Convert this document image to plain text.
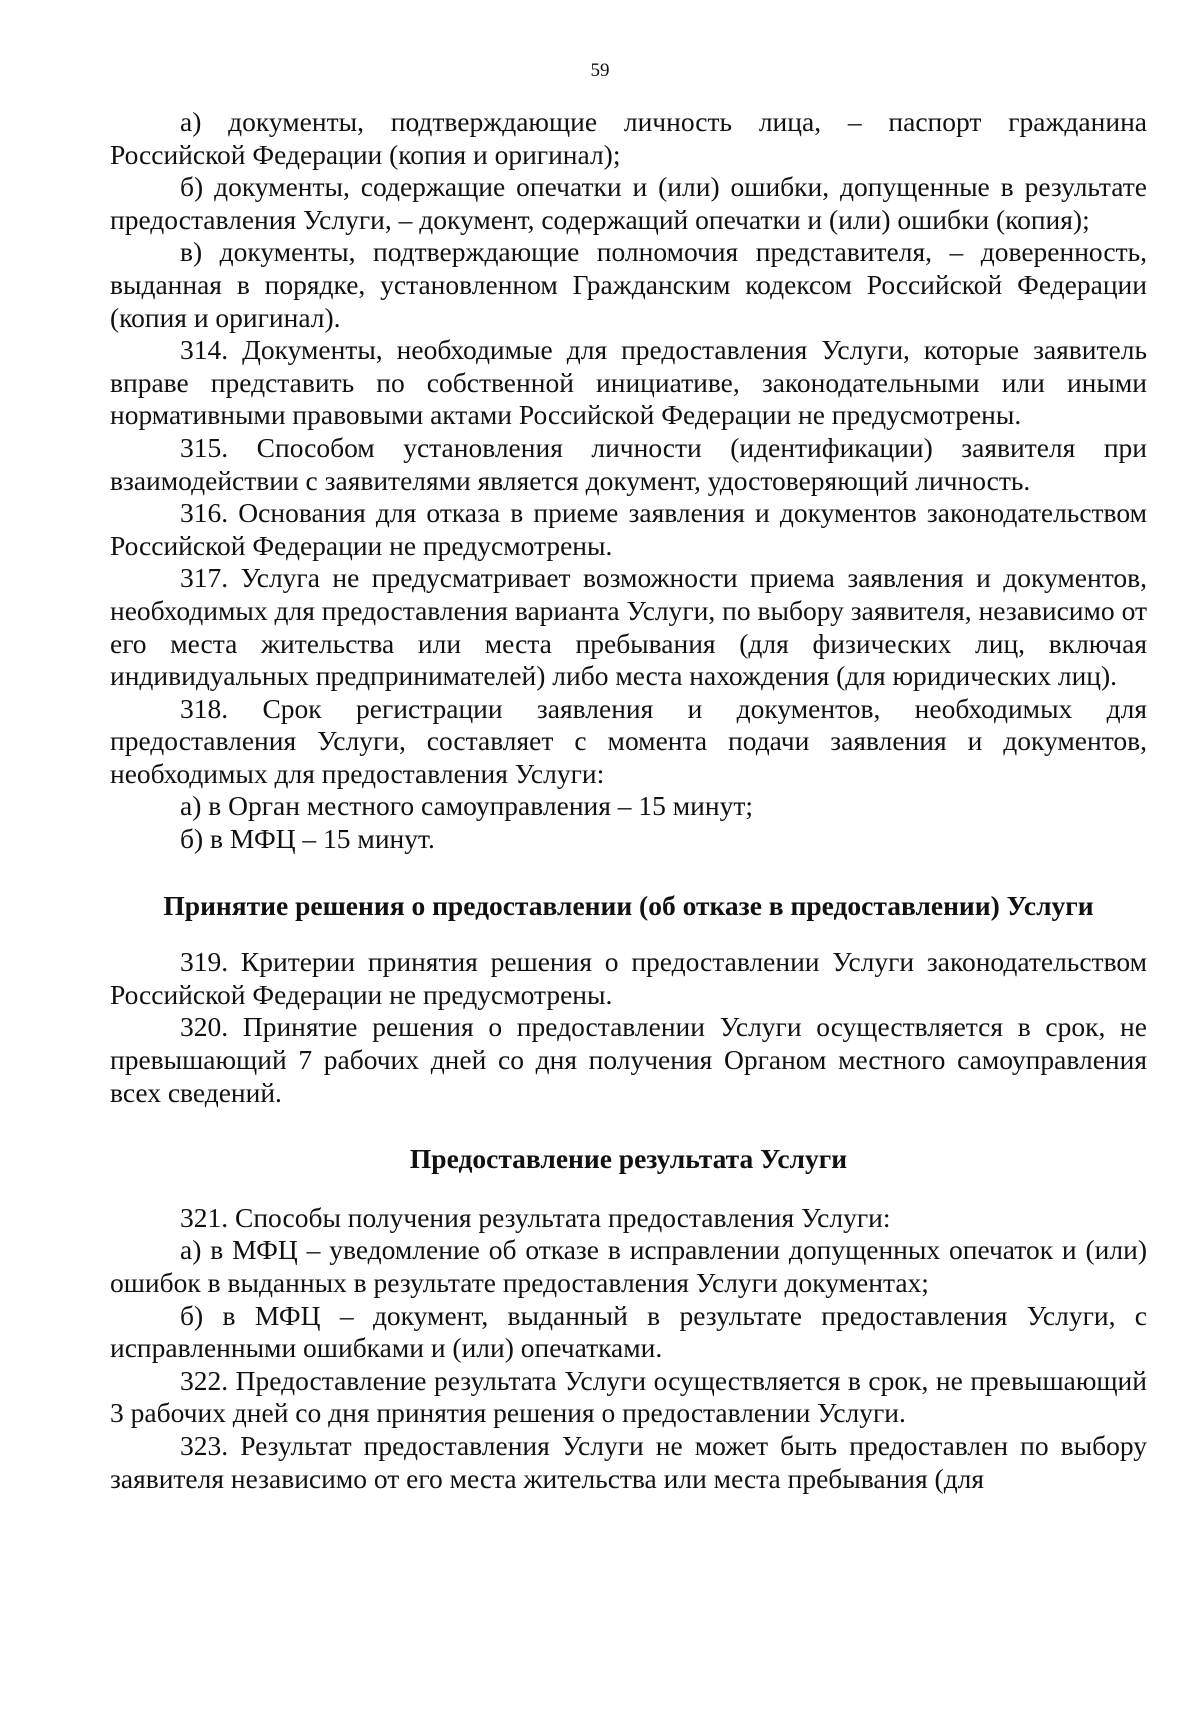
59

а) документы, подтверждающие личность лица, – паспорт гражданина Российской Федерации (копия и оригинал);

б) документы, содержащие опечатки и (или) ошибки, допущенные в результате предоставления Услуги, – документ, содержащий опечатки и (или) ошибки (копия);

в) документы, подтверждающие полномочия представителя, – доверенность, выданная в порядке, установленном Гражданским кодексом Российской Федерации (копия и оригинал).

314. Документы, необходимые для предоставления Услуги, которые заявитель вправе представить по собственной инициативе, законодательными или иными нормативными правовыми актами Российской Федерации не предусмотрены.

315. Способом установления личности (идентификации) заявителя при взаимодействии с заявителями является документ, удостоверяющий личность.

316. Основания для отказа в приеме заявления и документов законодательством Российской Федерации не предусмотрены.

317. Услуга не предусматривает возможности приема заявления и документов, необходимых для предоставления варианта Услуги, по выбору заявителя, независимо от его места жительства или места пребывания (для физических лиц, включая индивидуальных предпринимателей) либо места нахождения (для юридических лиц).

318. Срок регистрации заявления и документов, необходимых для предоставления Услуги, составляет с момента подачи заявления и документов, необходимых для предоставления Услуги:

а) в Орган местного самоуправления – 15 минут;

б) в МФЦ – 15 минут.

Принятие решения о предоставлении (об отказе в предоставлении) Услуги

319. Критерии принятия решения о предоставлении Услуги законодательством Российской Федерации не предусмотрены.

320. Принятие решения о предоставлении Услуги осуществляется в срок, не превышающий 7 рабочих дней со дня получения Органом местного самоуправления всех сведений.

Предоставление результата Услуги

321. Способы получения результата предоставления Услуги:

а) в МФЦ – уведомление об отказе в исправлении допущенных опечаток и (или) ошибок в выданных в результате предоставления Услуги документах;

б) в МФЦ – документ, выданный в результате предоставления Услуги, с исправленными ошибками и (или) опечатками.

322. Предоставление результата Услуги осуществляется в срок, не превышающий 3 рабочих дней со дня принятия решения о предоставлении Услуги.

323. Результат предоставления Услуги не может быть предоставлен по выбору заявителя независимо от его места жительства или места пребывания (для
